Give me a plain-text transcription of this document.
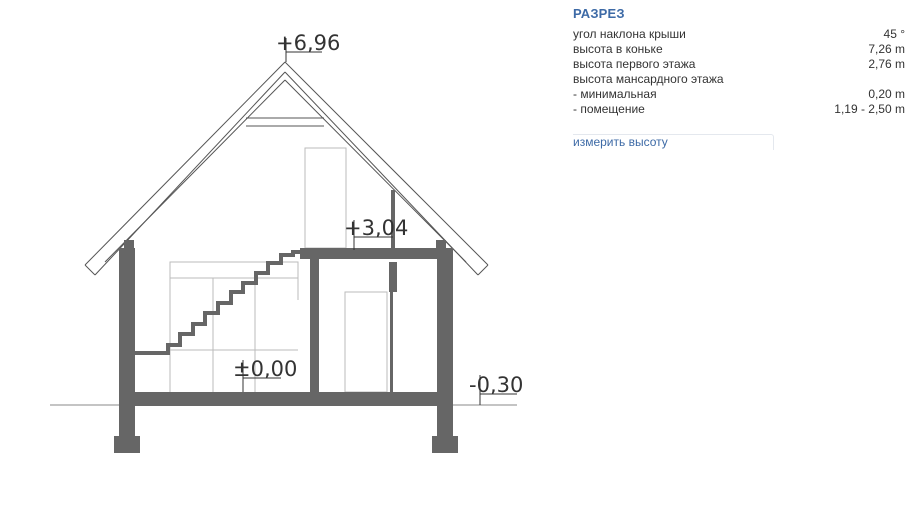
+6,96
+3,04
±0,00
-0,30
РАЗРЕЗ
угол наклона крыши	45 °
высота в коньке	7,26 m
высота первого этажа	2,76 m
высота мансардного этажа
- минимальная	0,20 m
- помещение	1,19 - 2,50 m
измерить высоту
